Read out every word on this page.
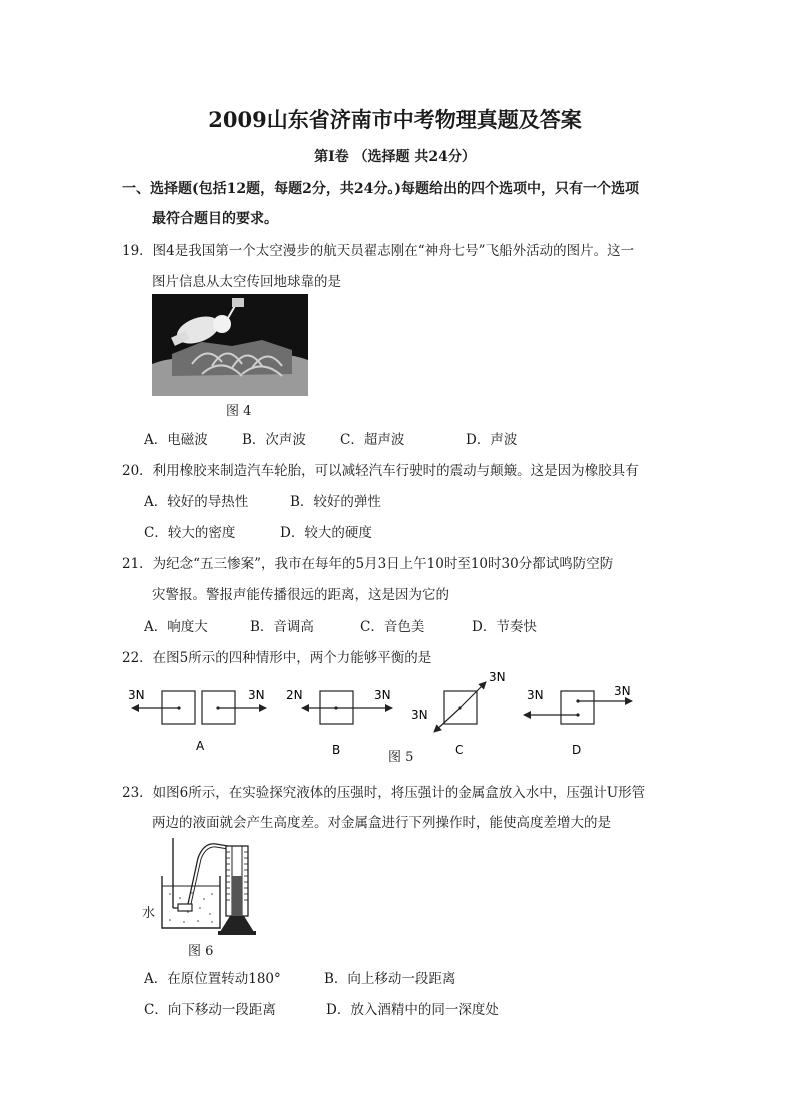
2009山东省济南市中考物理真题及答案
第Ⅰ卷 （选择题 共24分）
一、选择题(包括12题，每题2分，共24分。)每题给出的四个选项中，只有一个选项
最符合题目的要求。
19．图4是我国第一个太空漫步的航天员翟志刚在“神舟七号”飞船外活动的图片。这一
图片信息从太空传回地球靠的是
图 4
A．电磁波	B．次声波	C．超声波	D．声波
20．利用橡胶来制造汽车轮胎，可以减轻汽车行驶时的震动与颠簸。这是因为橡胶具有
A．较好的导热性	B．较好的弹性
C．较大的密度	D．较大的硬度
21．为纪念“五三惨案”，我市在每年的5月3日上午10时至10时30分都试鸣防空防
灾警报。警报声能传播很远的距离，这是因为它的
A．响度大	B．音调高	C．音色美	D．节奏快
22．在图5所示的四种情形中，两个力能够平衡的是
3N	3N
A
2N	3N
B
3N
3N
C
3N	3N
D
图 5
23．如图6所示，在实验探究液体的压强时，将压强计的金属盒放入水中，压强计U形管
两边的液面就会产生高度差。对金属盒进行下列操作时，能使高度差增大的是
水
图 6
A．在原位置转动180°	B．向上移动一段距离
C．向下移动一段距离	D．放入酒精中的同一深度处
